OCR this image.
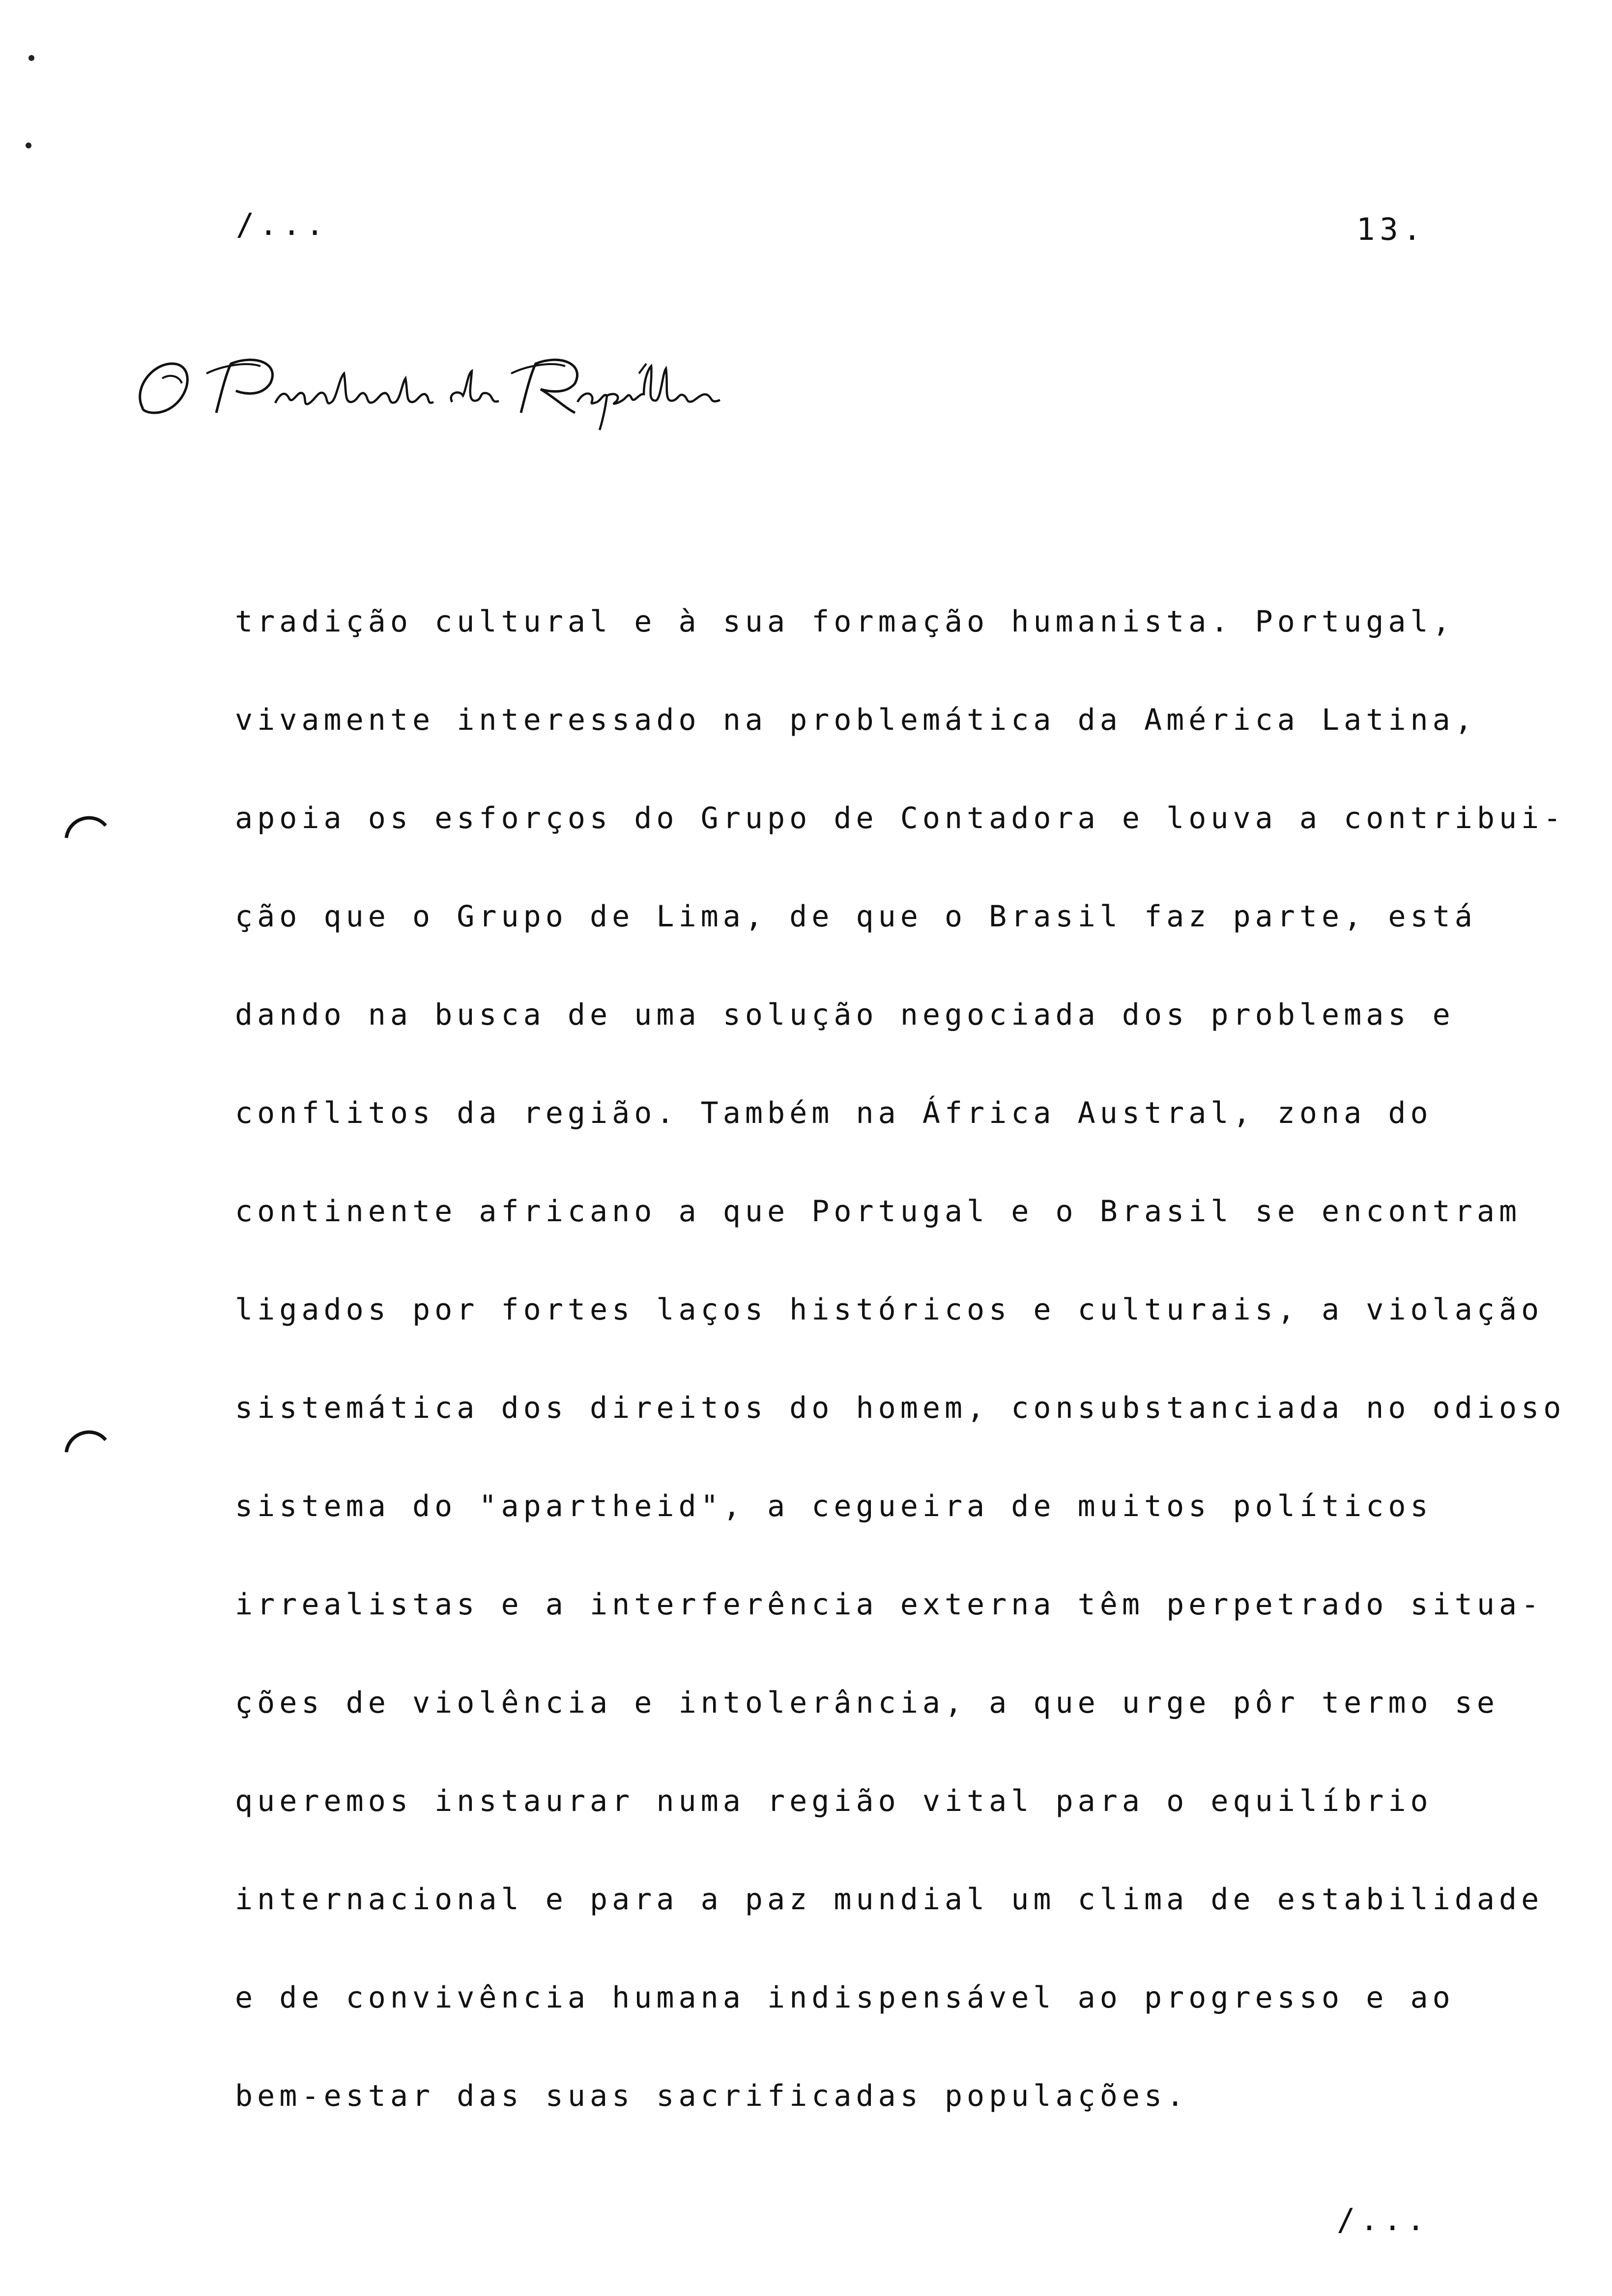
/...	13.
tradição cultural e à sua formação humanista. Portugal,
vivamente interessado na problemática da América Latina,
apoia os esforços do Grupo de Contadora e louva a contribui-
ção que o Grupo de Lima, de que o Brasil faz parte, está
dando na busca de uma solução negociada dos problemas e
conflitos da região. Também na África Austral, zona do
continente africano a que Portugal e o Brasil se encontram
ligados por fortes laços históricos e culturais, a violação
sistemática dos direitos do homem, consubstanciada no odioso
sistema do "apartheid", a cegueira de muitos políticos
irrealistas e a interferência externa têm perpetrado situa-
ções de violência e intolerância, a que urge pôr termo se
queremos instaurar numa região vital para o equilíbrio
internacional e para a paz mundial um clima de estabilidade
e de convivência humana indispensável ao progresso e ao
bem-estar das suas sacrificadas populações.
/...
